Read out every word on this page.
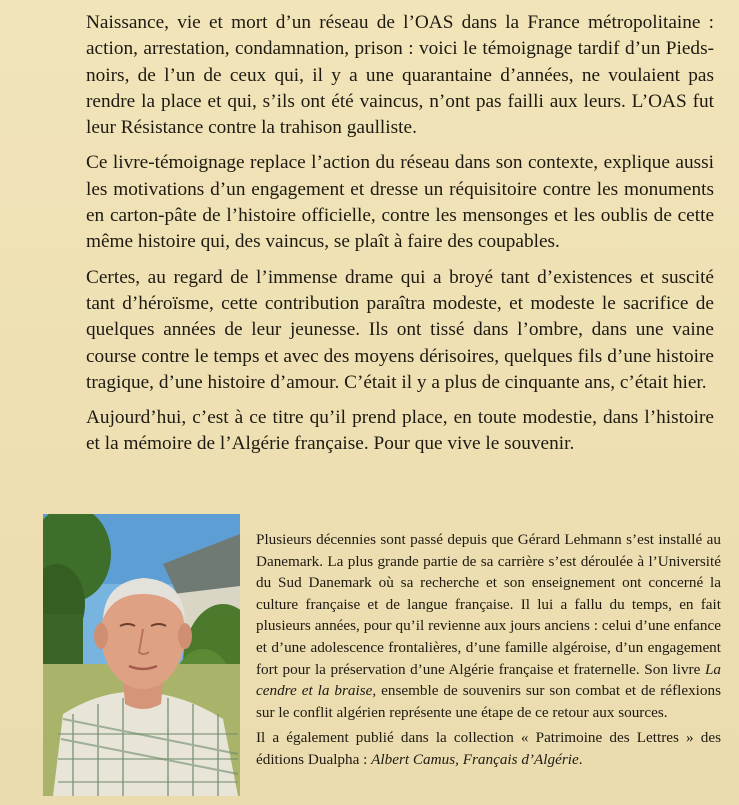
Naissance, vie et mort d’un réseau de l’OAS dans la France métropolitaine : action, arrestation, condamnation, prison : voici le témoignage tardif d’un Pieds-noirs, de l’un de ceux qui, il y a une quarantaine d’années, ne voulaient pas rendre la place et qui, s’ils ont été vaincus, n’ont pas failli aux leurs. L’OAS fut leur Résistance contre la trahison gaulliste.

Ce livre-témoignage replace l’action du réseau dans son contexte, explique aussi les motivations d’un engagement et dresse un réquisitoire contre les monuments en carton-pâte de l’histoire officielle, contre les mensonges et les oublis de cette même histoire qui, des vaincus, se plaît à faire des coupables.

Certes, au regard de l’immense drame qui a broyé tant d’existences et suscité tant d’héroïsme, cette contribution paraîtra modeste, et modeste le sacrifice de quelques années de leur jeunesse. Ils ont tissé dans l’ombre, dans une vaine course contre le temps et avec des moyens dérisoires, quelques fils d’une histoire tragique, d’une histoire d’amour. C’était il y a plus de cinquante ans, c’était hier.

Aujourd’hui, c’est à ce titre qu’il prend place, en toute modestie, dans l’histoire et la mémoire de l’Algérie française. Pour que vive le souvenir.

Plusieurs décennies sont passé depuis que Gérard Lehmann s’est installé au Danemark. La plus grande partie de sa carrière s’est déroulée à l’Université du Sud Danemark où sa recherche et son enseignement ont concerné la culture française et de langue française. Il lui a fallu du temps, en fait plusieurs années, pour qu’il revienne aux jours anciens : celui d’une enfance et d’une adolescence frontalières, d’une famille algéroise, d’un engagement fort pour la préservation d’une Algérie française et fraternelle. Son livre La cendre et la braise, ensemble de souvenirs sur son combat et de réflexions sur le conflit algérien représente une étape de ce retour aux sources.

Il a également publié dans la collection « Patrimoine des Lettres » des éditions Dualpha : Albert Camus, Français d’Algérie.
